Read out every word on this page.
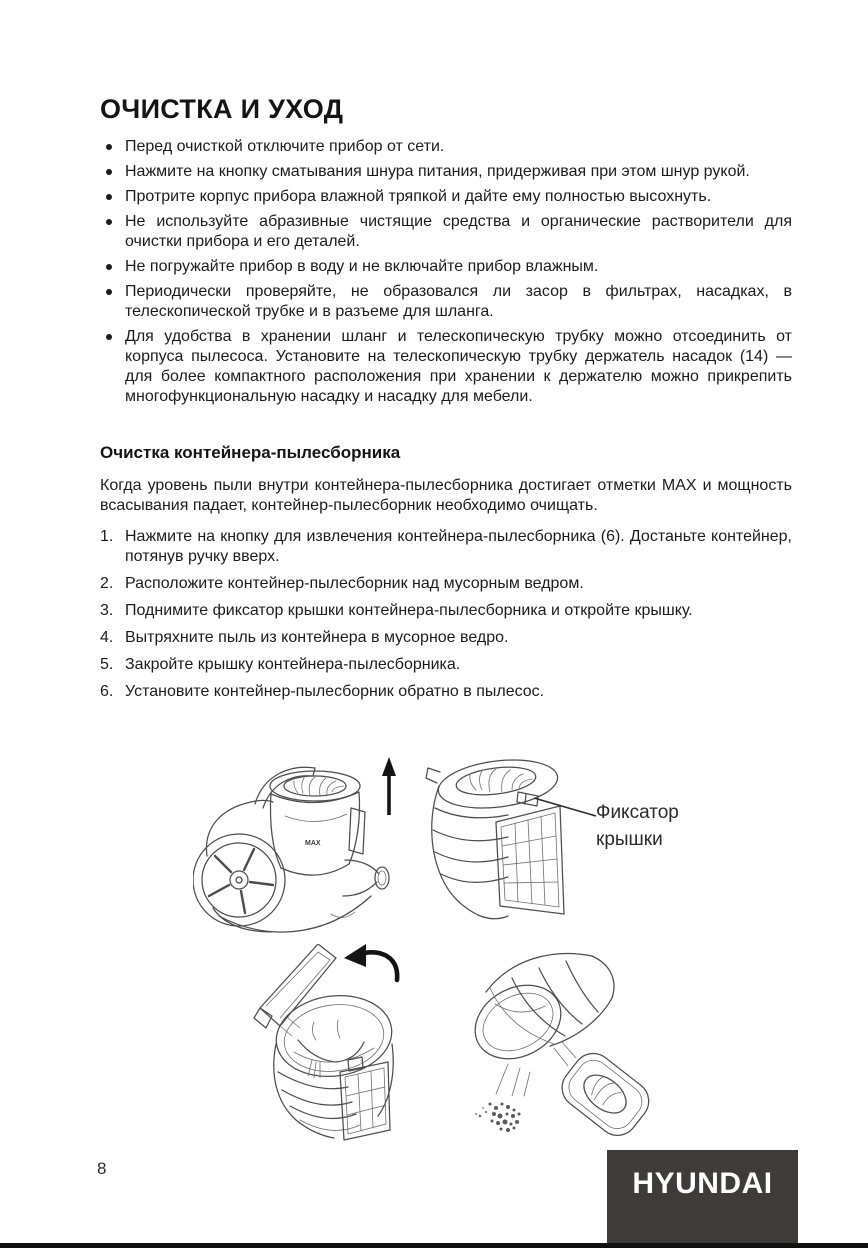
ОЧИСТКА И УХОД
Перед очисткой отключите прибор от сети.
Нажмите на кнопку сматывания шнура питания, придерживая при этом шнур рукой.
Протрите корпус прибора влажной тряпкой и дайте ему полностью высохнуть.
Не используйте абразивные чистящие средства и органические растворители для очистки прибора и его деталей.
Не погружайте прибор в воду и не включайте прибор влажным.
Периодически проверяйте, не образовался ли засор в фильтрах, насадках, в телескопической трубке и в разъеме для шланга.
Для удобства в хранении шланг и телескопическую трубку можно отсоединить от корпуса пылесоса. Установите на телескопическую трубку держатель насадок (14) — для более компактного расположения при хранении к держателю можно прикрепить многофункциональную насадку и насадку для мебели.
Очистка контейнера-пылесборника

Когда уровень пыли внутри контейнера-пылесборника достигает отметки MAX и мощность всасывания падает, контейнер-пылесборник необходимо очищать.

1. Нажмите на кнопку для извлечения контейнера-пылесборника (6). Достаньте контейнер, потянув ручку вверх.
2. Расположите контейнер-пылесборник над мусорным ведром.
3. Поднимите фиксатор крышки контейнера-пылесборника и откройте крышку.
4. Вытряхните пыль из контейнера в мусорное ведро.
5. Закройте крышку контейнера-пылесборника.
6. Установите контейнер-пылесборник обратно в пылесос.
MAX
Фиксатор крышки
8	HYUNDAI
